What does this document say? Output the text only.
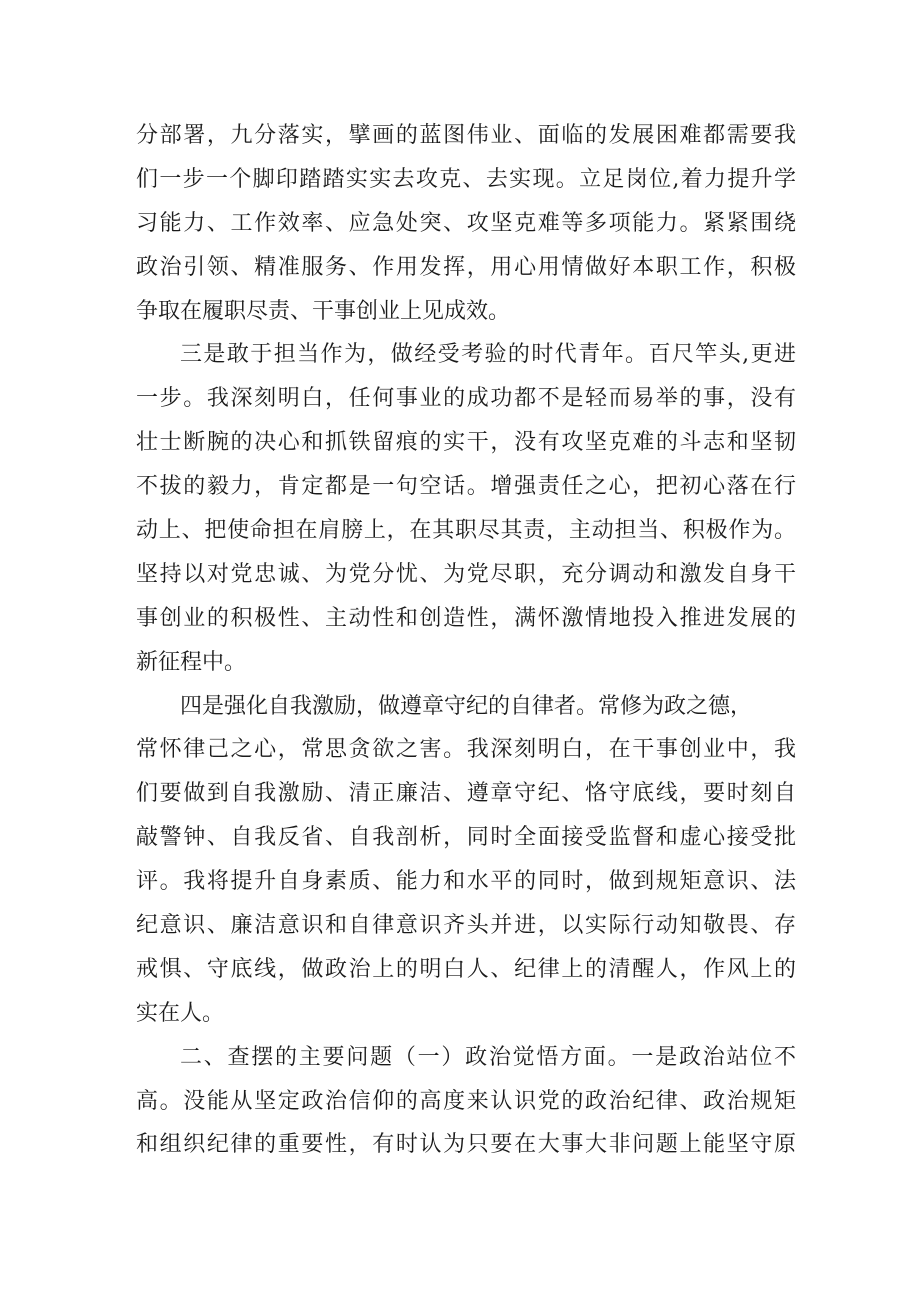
分部署，九分落实，擘画的蓝图伟业、面临的发展困难都需要我
们一步一个脚印踏踏实实去攻克、去实现。立足岗位,着力提升学
习能力、工作效率、应急处突、攻坚克难等多项能力。紧紧围绕
政治引领、精准服务、作用发挥，用心用情做好本职工作，积极
争取在履职尽责、干事创业上见成效。
三是敢于担当作为，做经受考验的时代青年。百尺竿头,更进
一步。我深刻明白，任何事业的成功都不是轻而易举的事，没有
壮士断腕的决心和抓铁留痕的实干，没有攻坚克难的斗志和坚韧
不拔的毅力，肯定都是一句空话。增强责任之心，把初心落在行
动上、把使命担在肩膀上，在其职尽其责，主动担当、积极作为。
坚持以对党忠诚、为党分忧、为党尽职，充分调动和激发自身干
事创业的积极性、主动性和创造性，满怀激情地投入推进发展的
新征程中。
四是强化自我激励，做遵章守纪的自律者。常修为政之德，
常怀律己之心，常思贪欲之害。我深刻明白，在干事创业中，我
们要做到自我激励、清正廉洁、遵章守纪、恪守底线，要时刻自
敲警钟、自我反省、自我剖析，同时全面接受监督和虚心接受批
评。我将提升自身素质、能力和水平的同时，做到规矩意识、法
纪意识、廉洁意识和自律意识齐头并进，以实际行动知敬畏、存
戒惧、守底线，做政治上的明白人、纪律上的清醒人，作风上的
实在人。
二、查摆的主要问题（一）政治觉悟方面。一是政治站位不
高。没能从坚定政治信仰的高度来认识党的政治纪律、政治规矩
和组织纪律的重要性，有时认为只要在大事大非问题上能坚守原
